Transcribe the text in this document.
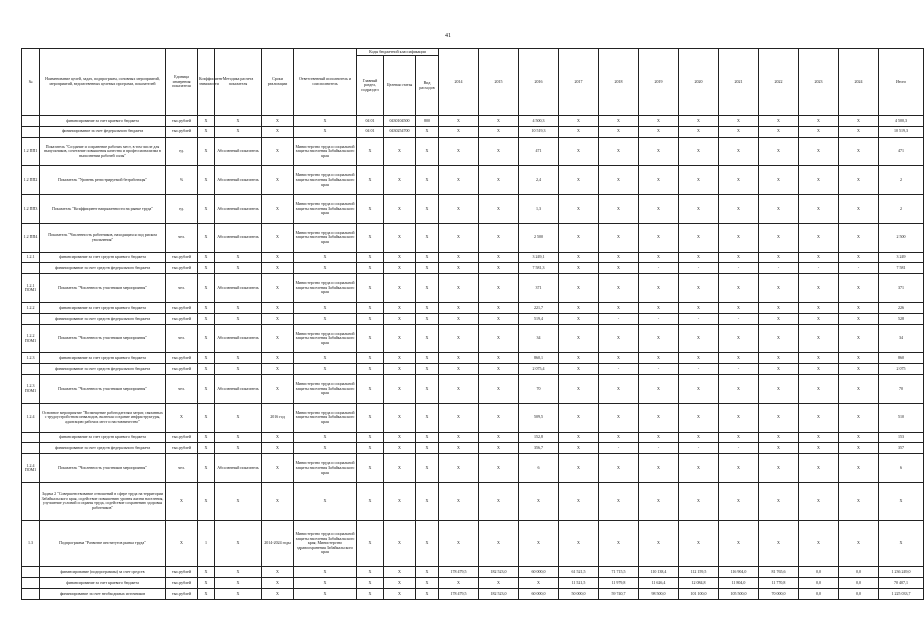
41
№	Наименование целей, задач, подпрограмм, основных мероприятий, мероприятий, ведомственных целевых программ, показателей	Единица измерения показателя	Коэффициент значимости	Методика расчета показателя	Сроки реализации	Ответственный исполнитель и соисполнитель	Коды бюджетной классификации			2014	2015	2016	2017	2018	2019	2020	2021	2022	2023	2024	Итого
							Главный раздел, подраздел	Целевая статья	Вид расходов												
	финансирование за счет краевого бюджета	тыс.рублей	X	X	X	X	04 01	0430104500	800	X	X	4 500,3	X	X	X	X	X	X	X	X	4 500,3
	финансирование за счет федерального бюджета	тыс.рублей	X	X	X	X	04 01	0430254700	X	X	X	10 519,3	X	X	X	X	X	X	X	X	10 519,3
1.2 ПП1	Показатель "Создание и сохранение рабочих мест, в том числе для выпускников, сочетание повышения качества и профессионализма в выполнении рабочей силы"	ед.	X	Абсолютный показатель	X	Министерство труда и социальной защиты населения Забайкальского края	X	X	X	X	X	471	X	X	X	X	X	X	X	X	471
1.2 ПП2	Показатель "Уровень регистрируемой безработицы"	%	X	Абсолютный показатель	X	Министерство труда и социальной защиты населения Забайкальского края	X	X	X	X	X	2,4	X	X	X	X	X	X	X	X	2
1.2 ПП3	Показатель "Коэффициент напряженности на рынке труда"	ед.	X	Абсолютный показатель	X	Министерство труда и социальной защиты населения Забайкальского края	X	X	X	X	X	1,3	X	X	X	X	X	X	X	X	2
1.2 ПП4	Показатель "Численность работников, находящихся под риском увольнения"	чел.	X	Абсолютный показатель	X	Министерство труда и социальной защиты населения Забайкальского края	X	X	X	X	X	2 500	X	X	X	X	X	X	X	X	2 500
1.2.1	финансирование за счет средств краевого бюджета	тыс.рублей	X	X	X	X	X	X	X	X	X	3 249,1	X	X	X	X	X	X	X	X	3 249
	финансирование за счет средств федерального бюджета	тыс.рублей	X	X	X	X	X	X	X	X	X	7 581,3	X	X	-	-	-	-	-	-	7 581
1.2.1 ПОМ1	Показатель "Численность участников мероприятия"	чел.	X	Абсолютный показатель	X	Министерство труда и социальной защиты населения Забайкальского края	X	X	X	X	X	371	X	X	X	X	X	X	X	X	371
1.2.2	финансирование за счет средств краевого бюджета	тыс.рублей	X	X	X	X	X	X	X	X	X	221,7	X	X	X	X	X	X	X	X	226
	финансирование за счет средств федерального бюджета	тыс.рублей	X	X	X	X	X	X	X	X	X	519,4	X	-	-	-	-	X	X	X	528
1.2.2 ПОМ1	Показатель "Численность участников мероприятия"	чел.	X	Абсолютный показатель	X	Министерство труда и социальной защиты населения Забайкальского края	X	X	X	X	X	34	X	X	X	X	X	X	X	X	34
1.2.3	финансирование за счет средств краевого бюджета	тыс.рублей	X	X	X	X	X	X	X	X	X	860,1	X	X	X	X	X	X	X	X	860
	финансирование за счет средств федерального бюджета	тыс.рублей	X	X	X	X	X	X	X	X	X	2 075,4	X	-	-	-	-	X	X	X	2 075
1.2.3 ПОМ1	Показатель "Численность участников мероприятия"	чел.	X	Абсолютный показатель	X	Министерство труда и социальной защиты населения Забайкальского края	X	X	X	X	X	70	X	X	X	X	X	X	X	X	70
1.2.4	Основное мероприятие "Возмещение работодателям затрат, связанных с трудоустройством инвалидов, включая создание инфраструктуры, адаптацию рабочих мест и наставничество"	X	X	X	2016 год	Министерство труда и социальной защиты населения Забайкальского края	X	X	X	X	X	509,5	X	X	X	X	X	X	X	X	510
	финансирование за счет средств краевого бюджета	тыс.рублей	X	X	X	X	X	X	X	X	X	152,8	X	X	X	X	X	X	X	X	153
	финансирование за счет средств федерального бюджета	тыс.рублей	X	X	X	X	X	X	X	X	X	356,7	X	-	-	-	-	X	X	X	357
1.2.4 ПОМ1	Показатель "Численность участников мероприятия"	чел.	X	Абсолютный показатель	X	Министерство труда и социальной защиты населения Забайкальского края	X	X	X	X	X	6	X	X	X	X	X	X	X	X	6
	Задача 2 "Совершенствование отношений в сфере труда на территории Забайкальского края, содействие повышению уровня жизни населения, улучшение условий и охраны труда, содействие сохранению здоровья работников"	X	X	X	X	X	X	X	X	X	X	X	X	X	X	X	X	X	X	X	X
1.3	Подпрограмма "Развитие институтов рынка труда"	X	1	X	2014-2024 годы	Министерство труда и социальной защиты населения Забайкальского края; Министерство здравоохранения Забайкальского края	X	X	X	X	X	X	X	X	X	X	X	X	X	X	X
	финансирование (подпрограммы) за счет средств	тыс.рублей	X	X	X	X	X	X	X	178 479,5	182 523,0	60 000,0	61 521,5	71 715,5	110 138,4	112 159,5	116 904,0	81 765,6	0,0	0,0	1 236 249,0
	финансирование за счет краевого бюджета	тыс.рублей	X	X	X	X	X	X	X	X	X	X	11 521,5	11 979,8	11 626,4	12 084,8	11 804,0	11 770,8	0,0	0,0	70 407,1
	финансирование за счет необходимых источников	тыс.рублей	X	X	X	X	X	X	X	178 479,5	182 523,0	60 000,0	50 000,0	59 740,7	98 500,0	101 100,0	105 500,0	70 000,0	0,0	0,0	1 225 033,7
